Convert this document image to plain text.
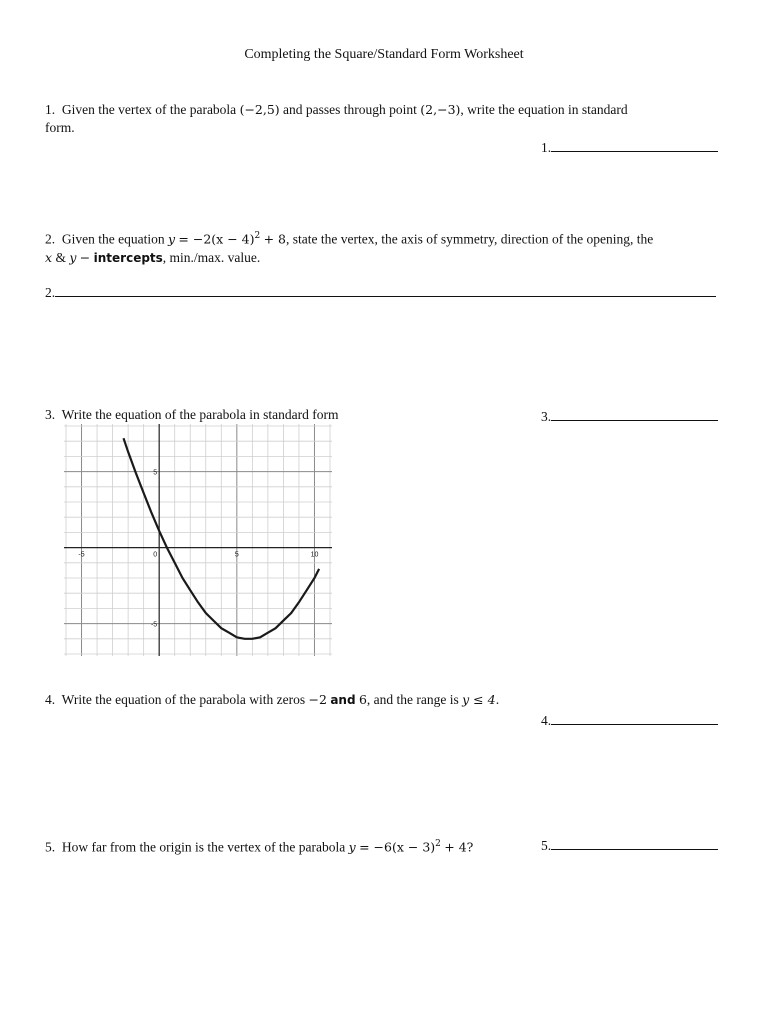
Completing the Square/Standard Form Worksheet
1. Given the vertex of the parabola (−2,5) and passes through point (2,−3), write the equation in standard
form.
1.
2. Given the equation $y = -2(x - 4)^2 + 8$, state the vertex, the axis of symmetry, direction of the opening, the
x & y − intercepts, min./max. value.
2.
3. Write the equation of the parabola in standard form	3.
-5	5	10
5
-5
0
4. Write the equation of the parabola with zeros −2 and 6, and the range is y ≤ 4.
4.
5. How far from the origin is the vertex of the parabola $y = -6(x - 3)^2 + 4$?	5.
